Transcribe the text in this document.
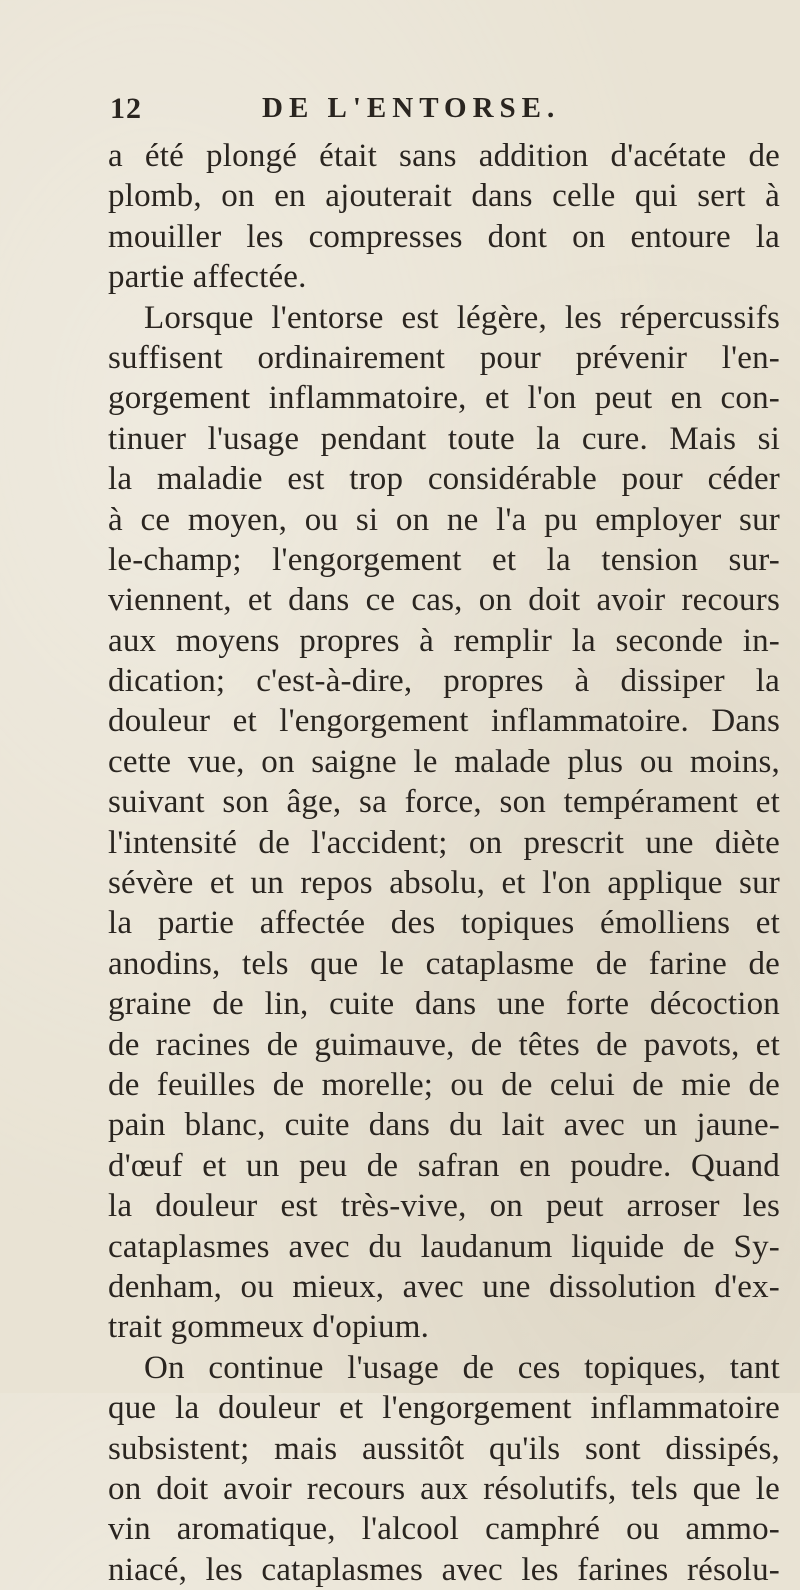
12	DE L'ENTORSE.
a été plongé était sans addition d'acétate de
plomb, on en ajouterait dans celle qui sert à
mouiller les compresses dont on entoure la
partie affectée.
Lorsque l'entorse est légère, les répercussifs
suffisent ordinairement pour prévenir l'en-
gorgement inflammatoire, et l'on peut en con-
tinuer l'usage pendant toute la cure. Mais si
la maladie est trop considérable pour céder
à ce moyen, ou si on ne l'a pu employer sur
le-champ; l'engorgement et la tension sur-
viennent, et dans ce cas, on doit avoir recours
aux moyens propres à remplir la seconde in-
dication; c'est-à-dire, propres à dissiper la
douleur et l'engorgement inflammatoire. Dans
cette vue, on saigne le malade plus ou moins,
suivant son âge, sa force, son tempérament et
l'intensité de l'accident; on prescrit une diète
sévère et un repos absolu, et l'on applique sur
la partie affectée des topiques émolliens et
anodins, tels que le cataplasme de farine de
graine de lin, cuite dans une forte décoction
de racines de guimauve, de têtes de pavots, et
de feuilles de morelle; ou de celui de mie de
pain blanc, cuite dans du lait avec un jaune-
d'œuf et un peu de safran en poudre. Quand
la douleur est très-vive, on peut arroser les
cataplasmes avec du laudanum liquide de Sy-
denham, ou mieux, avec une dissolution d'ex-
trait gommeux d'opium.
On continue l'usage de ces topiques, tant
que la douleur et l'engorgement inflammatoire
subsistent; mais aussitôt qu'ils sont dissipés,
on doit avoir recours aux résolutifs, tels que le
vin aromatique, l'alcool camphré ou ammo-
niacé, les cataplasmes avec les farines résolu-
